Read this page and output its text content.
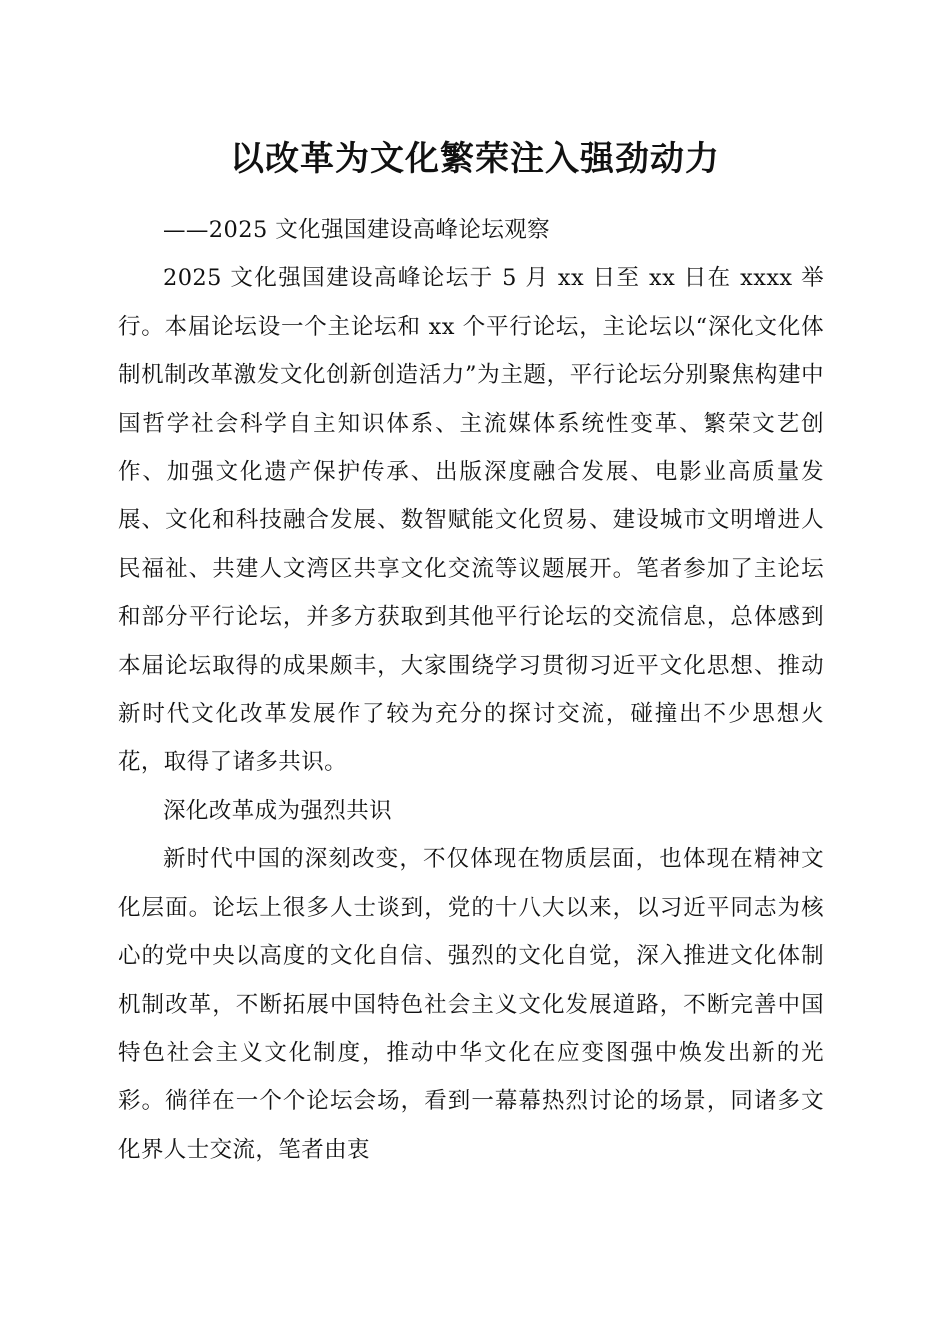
以改革为文化繁荣注入强劲动力

——2025 文化强国建设高峰论坛观察

2025 文化强国建设高峰论坛于 5 月 xx 日至 xx 日在 xxxx 举行。本届论坛设一个主论坛和 xx 个平行论坛，主论坛以“深化文化体制机制改革激发文化创新创造活力”为主题，平行论坛分别聚焦构建中国哲学社会科学自主知识体系、主流媒体系统性变革、繁荣文艺创作、加强文化遗产保护传承、出版深度融合发展、电影业高质量发展、文化和科技融合发展、数智赋能文化贸易、建设城市文明增进人民福祉、共建人文湾区共享文化交流等议题展开。笔者参加了主论坛和部分平行论坛，并多方获取到其他平行论坛的交流信息，总体感到本届论坛取得的成果颇丰，大家围绕学习贯彻习近平文化思想、推动新时代文化改革发展作了较为充分的探讨交流，碰撞出不少思想火花，取得了诸多共识。

深化改革成为强烈共识

新时代中国的深刻改变，不仅体现在物质层面，也体现在精神文化层面。论坛上很多人士谈到，党的十八大以来，以习近平同志为核心的党中央以高度的文化自信、强烈的文化自觉，深入推进文化体制机制改革，不断拓展中国特色社会主义文化发展道路，不断完善中国特色社会主义文化制度，推动中华文化在应变图强中焕发出新的光彩。徜徉在一个个论坛会场，看到一幕幕热烈讨论的场景，同诸多文化界人士交流，笔者由衷
